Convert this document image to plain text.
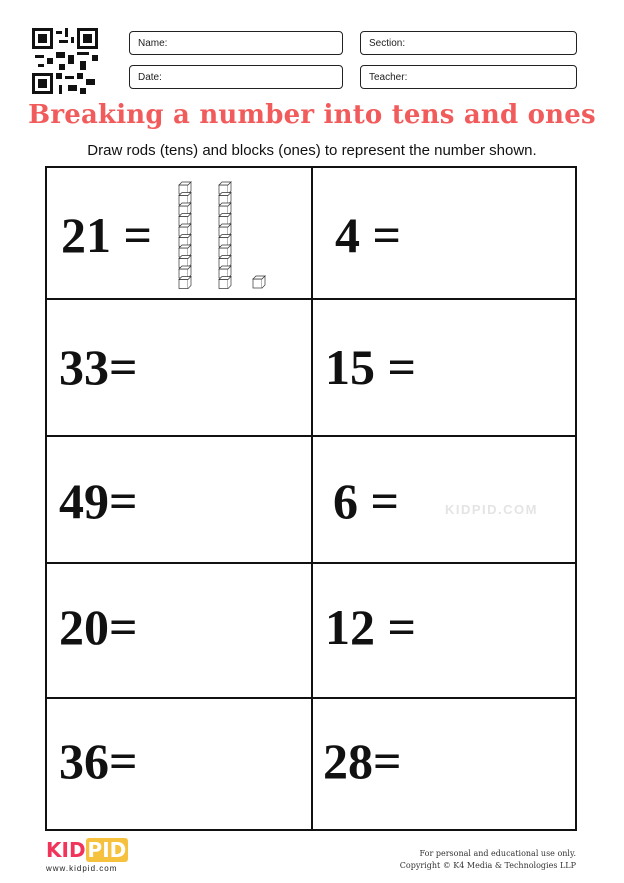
Name:	Section:
Date:	Teacher:
Breaking a number into tens and ones
Draw rods (tens) and blocks (ones) to represent the number shown.
21 =	4 =
33=	15 =
49=	6 =
20=	12 =
36=	28=
KIDPID.COM
KID PID
www.kidpid.com
For personal and educational use only.
Copyright © K4 Media & Technologies LLP
